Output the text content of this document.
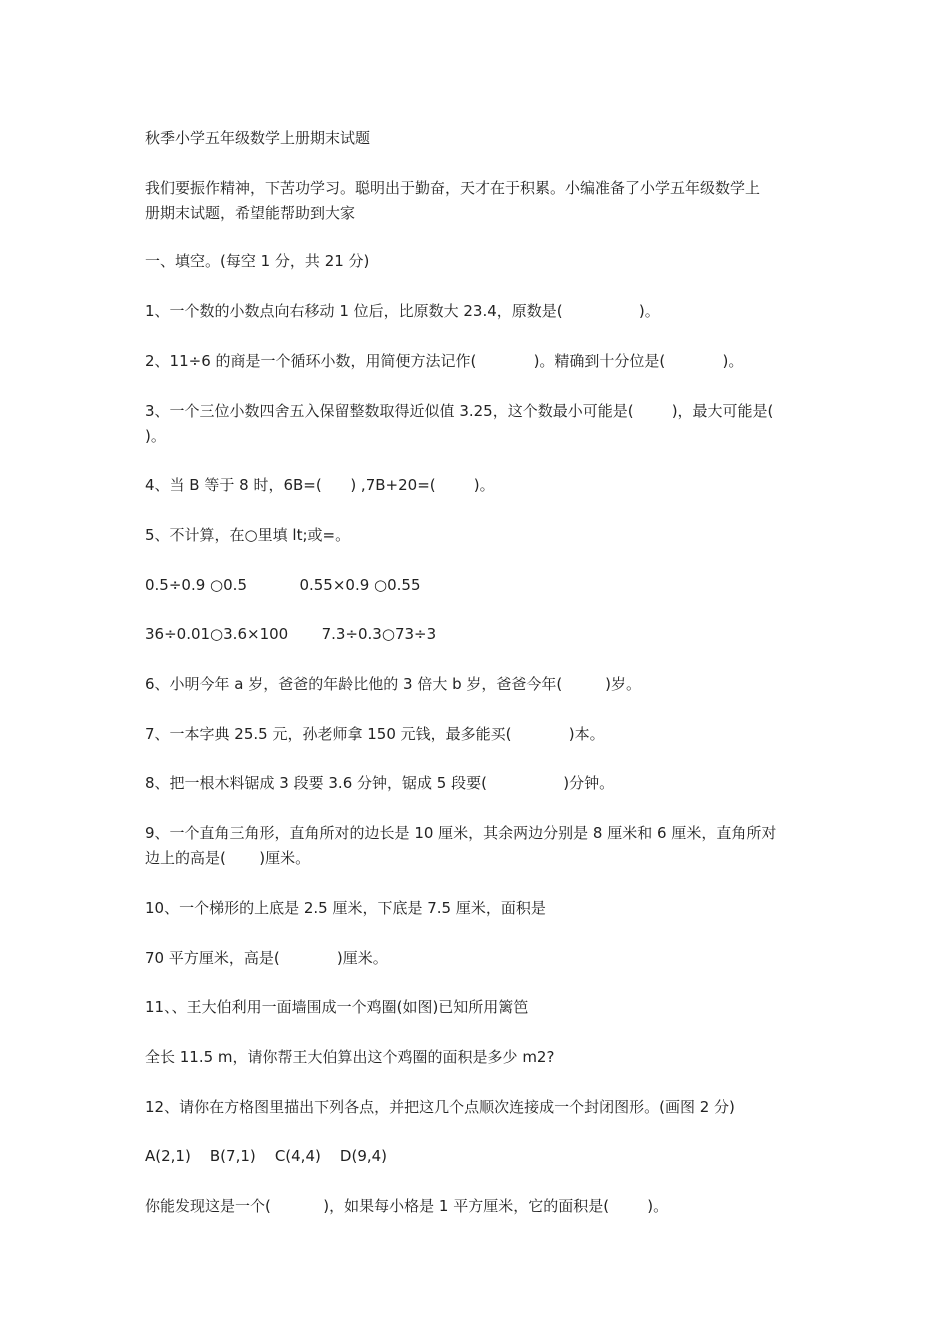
秋季小学五年级数学上册期末试题
我们要振作精神，下苦功学习。聪明出于勤奋，天才在于积累。小编准备了小学五年级数学上
册期末试题，希望能帮助到大家
一、填空。(每空 1 分，共 21 分)
1、一个数的小数点向右移动 1 位后，比原数大 23.4，原数是(                )。
2、11÷6 的商是一个循环小数，用简便方法记作(            )。精确到十分位是(            )。
3、一个三位小数四舍五入保留整数取得近似值 3.25，这个数最小可能是(        )，最大可能是(
)。
4、当 B 等于 8 时，6B=(      ) ,7B+20=(        )。
5、不计算，在○里填 lt;或=。
0.5÷0.9 ○0.5           0.55×0.9 ○0.55
36÷0.01○3.6×100       7.3÷0.3○73÷3
6、小明今年 a 岁，爸爸的年龄比他的 3 倍大 b 岁，爸爸今年(         )岁。
7、一本字典 25.5 元，孙老师拿 150 元钱，最多能买(            )本。
8、把一根木料锯成 3 段要 3.6 分钟，锯成 5 段要(                )分钟。
9、一个直角三角形，直角所对的边长是 10 厘米，其余两边分别是 8 厘米和 6 厘米，直角所对
边上的高是(       )厘米。
10、一个梯形的上底是 2.5 厘米，下底是 7.5 厘米，面积是
70 平方厘米，高是(            )厘米。
11、、王大伯利用一面墙围成一个鸡圈(如图)已知所用篱笆
全长 11.5 m，请你帮王大伯算出这个鸡圈的面积是多少 m2?
12、请你在方格图里描出下列各点，并把这几个点顺次连接成一个封闭图形。(画图 2 分)
A(2,1)    B(7,1)    C(4,4)    D(9,4)
你能发现这是一个(           )，如果每小格是 1 平方厘米，它的面积是(        )。
